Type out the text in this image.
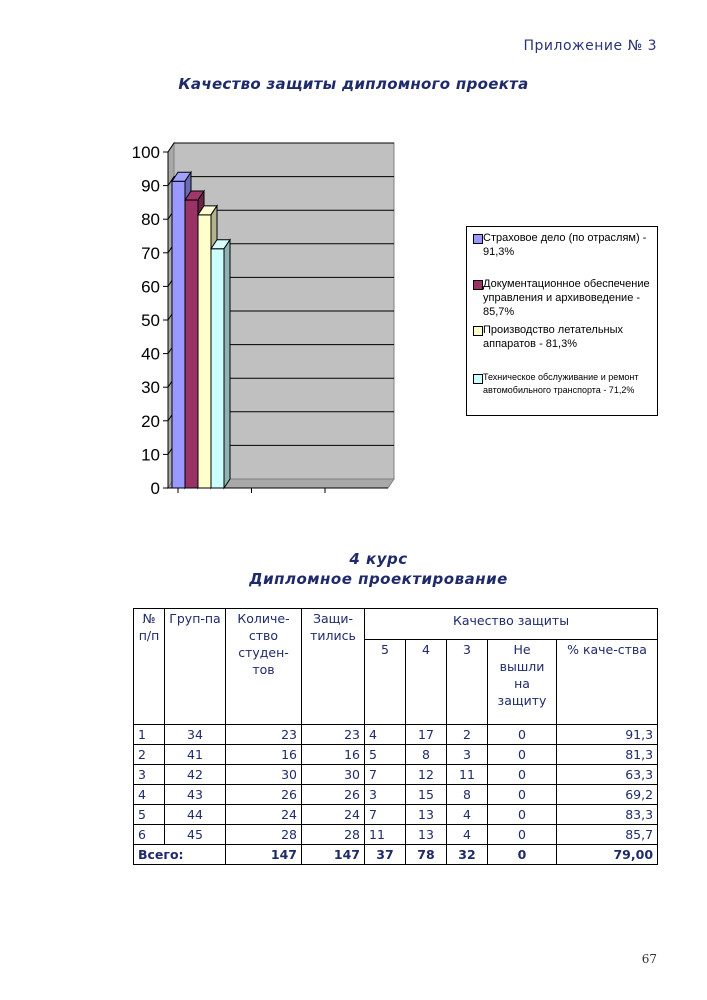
Приложение № 3
Качество защиты дипломного проекта
0
10
20
30
40
50
60
70
80
90
100
Страховое дело (по отраслям) - 91,3%
Документационное обеспечение управления и архивоведение - 85,7%
Производство летательных аппаратов - 81,3%
Техническое обслуживание и ремонт автомобильного транспорта - 71,2%
4 курс
Дипломное проектирование
№ п/п	Груп-па	Количе-ство студен-тов	Защи-тились	Качество защиты				
				5	4	3	Не вышли на защиту	% каче-ства
1	34	23	23	4	17	2	0	91,3
2	41	16	16	5	8	3	0	81,3
3	42	30	30	7	12	11	0	63,3
4	43	26	26	3	15	8	0	69,2
5	44	24	24	7	13	4	0	83,3
6	45	28	28	11	13	4	0	85,7
Всего:		147	147	37	78	32	0	79,00
67
